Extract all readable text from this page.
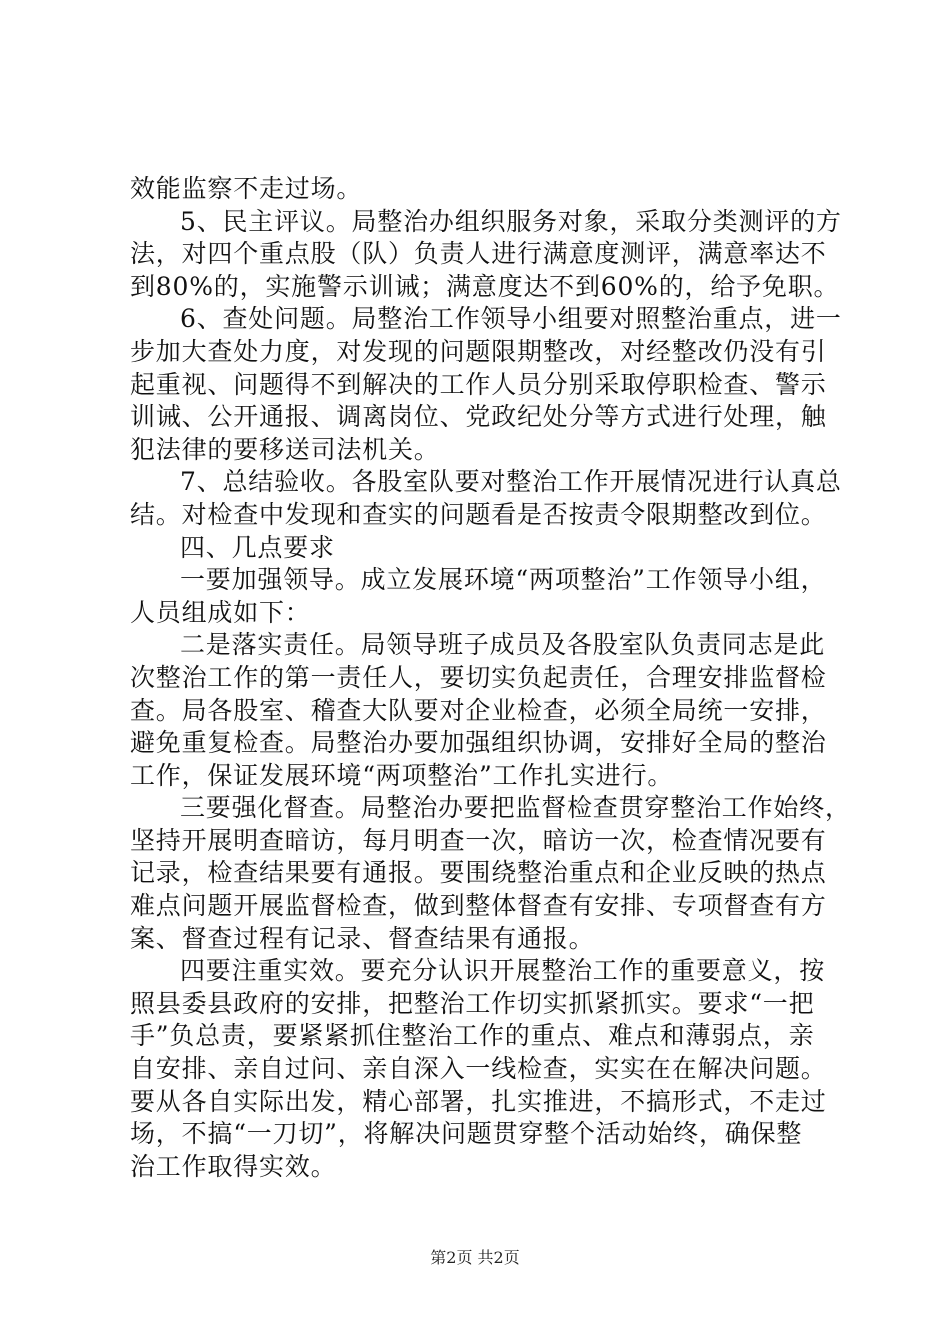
效能监察不走过场。
5、民主评议。局整治办组织服务对象，采取分类测评的方
法，对四个重点股（队）负责人进行满意度测评，满意率达不
到80%的，实施警示训诫；满意度达不到60%的，给予免职。
6、查处问题。局整治工作领导小组要对照整治重点，进一
步加大查处力度，对发现的问题限期整改，对经整改仍没有引
起重视、问题得不到解决的工作人员分别采取停职检查、警示
训诫、公开通报、调离岗位、党政纪处分等方式进行处理，触
犯法律的要移送司法机关。
7、总结验收。各股室队要对整治工作开展情况进行认真总
结。对检查中发现和查实的问题看是否按责令限期整改到位。
四、几点要求
一要加强领导。成立发展环境“两项整治”工作领导小组，
人员组成如下：
二是落实责任。局领导班子成员及各股室队负责同志是此
次整治工作的第一责任人，要切实负起责任，合理安排监督检
查。局各股室、稽查大队要对企业检查，必须全局统一安排，
避免重复检查。局整治办要加强组织协调，安排好全局的整治
工作，保证发展环境“两项整治”工作扎实进行。
三要强化督查。局整治办要把监督检查贯穿整治工作始终，
坚持开展明查暗访，每月明查一次，暗访一次，检查情况要有
记录，检查结果要有通报。要围绕整治重点和企业反映的热点
难点问题开展监督检查，做到整体督查有安排、专项督查有方
案、督查过程有记录、督查结果有通报。
四要注重实效。要充分认识开展整治工作的重要意义，按
照县委县政府的安排，把整治工作切实抓紧抓实。要求“一把
手”负总责，要紧紧抓住整治工作的重点、难点和薄弱点，亲
自安排、亲自过问、亲自深入一线检查，实实在在解决问题。
要从各自实际出发，精心部署，扎实推进，不搞形式，不走过
场，不搞“一刀切”，将解决问题贯穿整个活动始终，确保整
治工作取得实效。
第2页 共2页
